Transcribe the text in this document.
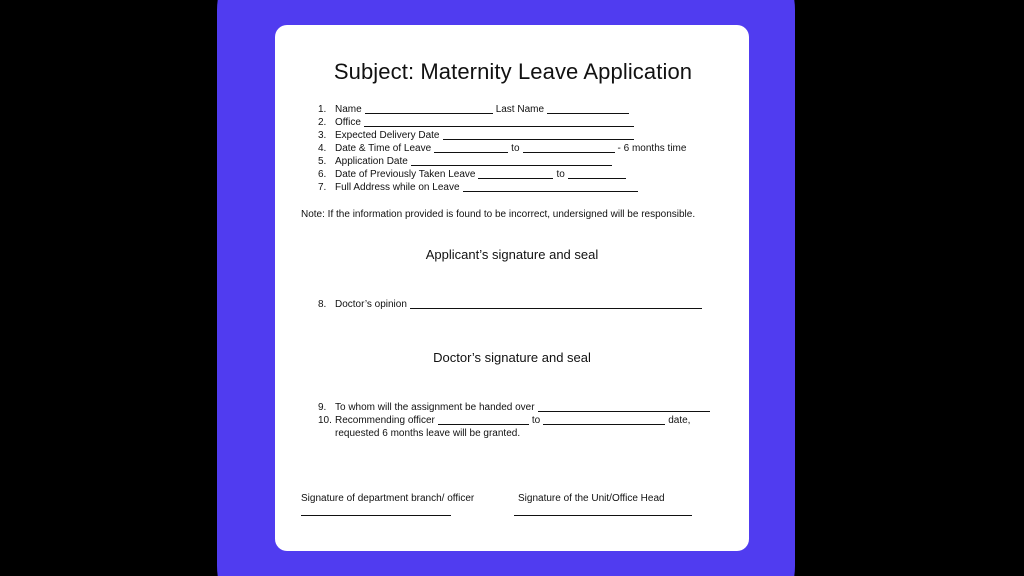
Subject: Maternity Leave Application
1. Name	Last Name
2. Office
3. Expected Delivery Date
4. Date & Time of Leave	to	- 6 months time
5. Application Date
6. Date of Previously Taken Leave	to
7. Full Address while on Leave
Note: If the information provided is found to be incorrect, undersigned will be responsible.
Applicant’s signature and seal
8. Doctor’s opinion
Doctor’s signature and seal
9. To whom will the assignment be handed over
10. Recommending officer	to	date,
requested 6 months leave will be granted.
Signature of department branch/ officer	Signature of the Unit/Office Head
